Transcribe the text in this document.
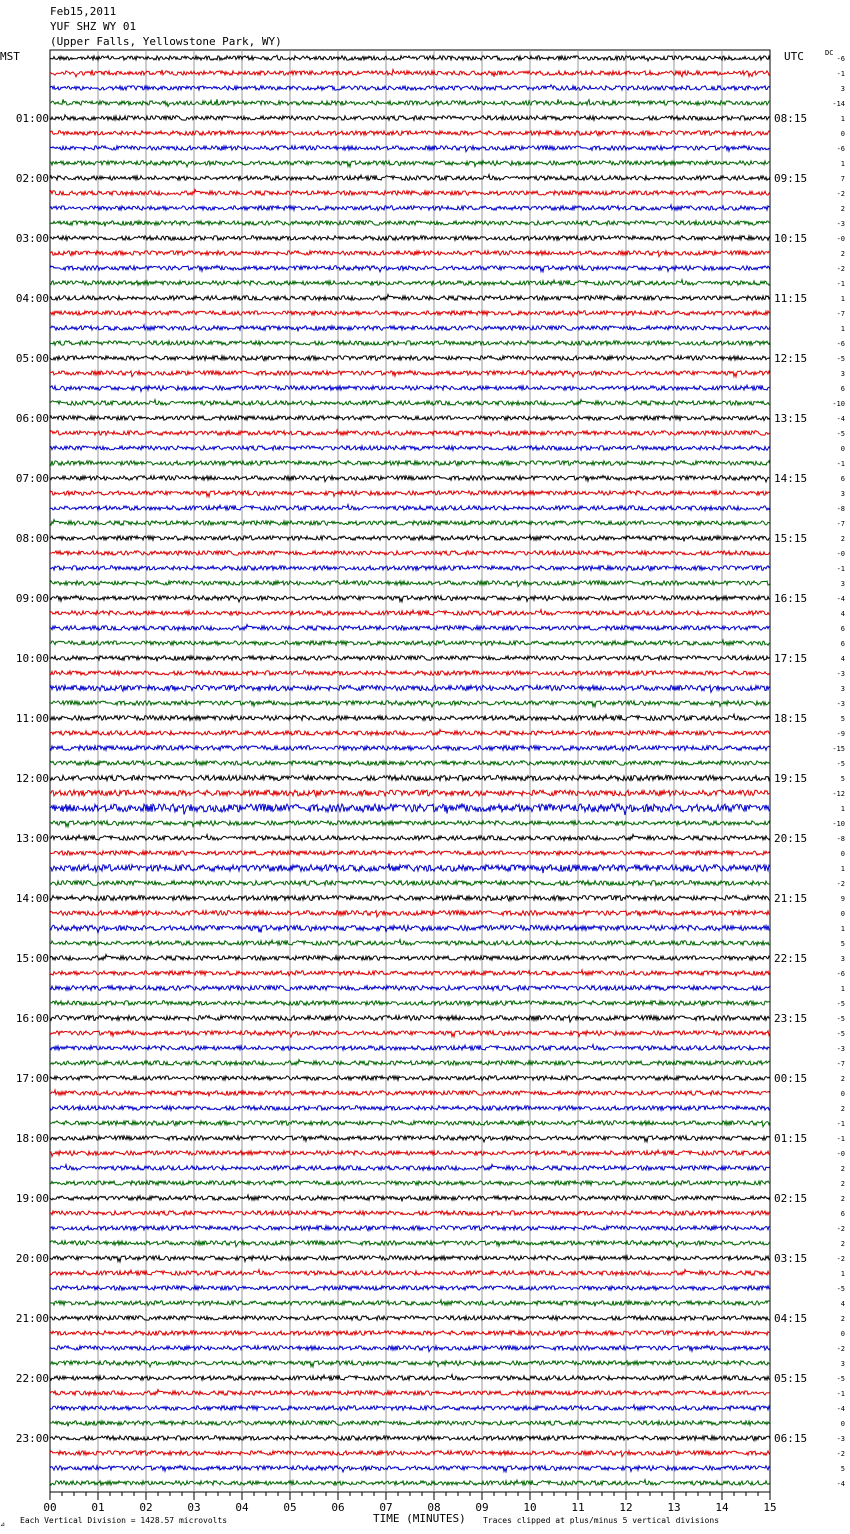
Feb15,2011
YUF SHZ WY 01
(Upper Falls, Yellowstone Park, WY)
MST	UTC	DC
-6
-1
3
-14
1
0
-6
1
7
-2
2
-3
-0
2
-2
-1
1
-7
1
-6
-5
3
6
-10
-4
-5
0
-1
6
3
-8
-7
2
-0
-1
3
-4
4
6
6
4
-3
3
-3
5
-9
-15
-5
5
-12
1
-10
-8
0
1
-2
9
0
1
5
3
-6
1
-5
-5
-5
-3
-7
2
0
2
-1
-1
-0
2
2
2
6
-2
2
-2
1
-5
4
2
0
-2
3
-5
-1
-4
0
-3
-2
5
-4
01:00
02:00
03:00
04:00
05:00
06:00
07:00
08:00
09:00
10:00
11:00
12:00
13:00
14:00
15:00
16:00
17:00
18:00
19:00
20:00
21:00
22:00
23:00
08:15
09:15
10:15
11:15
12:15
13:15
14:15
15:15
16:15
17:15
18:15
19:15
20:15
21:15
22:15
23:15
00:15
01:15
02:15
03:15
04:15
05:15
06:15
00	01	02	03	04	05	06	07	08	09	10	11	12	13	14	15
⊿ Each Vertical Division = 1428.57 microvolts	TIME (MINUTES) Traces clipped at plus/minus 5 vertical divisions
